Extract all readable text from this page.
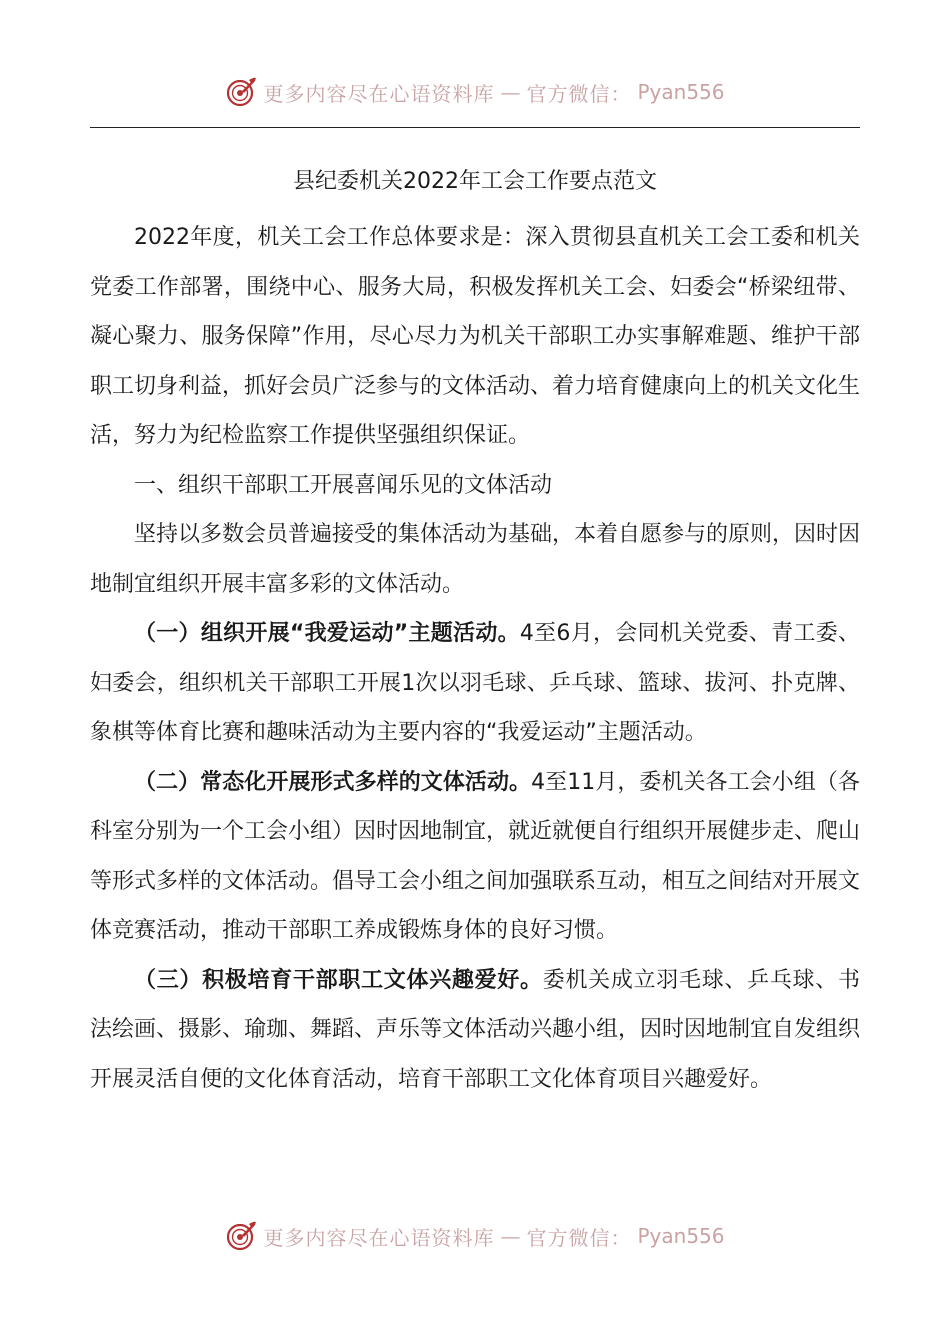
更多内容尽在心语资料库 — 官方微信： Pyan556
县纪委机关2022年工会工作要点范文

2022年度，机关工会工作总体要求是：深入贯彻县直机关工会工委和机关党委工作部署，围绕中心、服务大局，积极发挥机关工会、妇委会“桥梁纽带、凝心聚力、服务保障”作用，尽心尽力为机关干部职工办实事解难题、维护干部职工切身利益，抓好会员广泛参与的文体活动、着力培育健康向上的机关文化生活，努力为纪检监察工作提供坚强组织保证。

一、组织干部职工开展喜闻乐见的文体活动

坚持以多数会员普遍接受的集体活动为基础，本着自愿参与的原则，因时因地制宜组织开展丰富多彩的文体活动。

（一）组织开展“我爱运动”主题活动。4至6月，会同机关党委、青工委、妇委会，组织机关干部职工开展1次以羽毛球、乒乓球、篮球、拔河、扑克牌、象棋等体育比赛和趣味活动为主要内容的“我爱运动”主题活动。

（二）常态化开展形式多样的文体活动。4至11月，委机关各工会小组（各科室分别为一个工会小组）因时因地制宜，就近就便自行组织开展健步走、爬山等形式多样的文体活动。倡导工会小组之间加强联系互动，相互之间结对开展文体竞赛活动，推动干部职工养成锻炼身体的良好习惯。

（三）积极培育干部职工文体兴趣爱好。委机关成立羽毛球、乒乓球、书法绘画、摄影、瑜珈、舞蹈、声乐等文体活动兴趣小组，因时因地制宜自发组织开展灵活自便的文化体育活动，培育干部职工文化体育项目兴趣爱好。

更多内容尽在心语资料库 — 官方微信： Pyan556
